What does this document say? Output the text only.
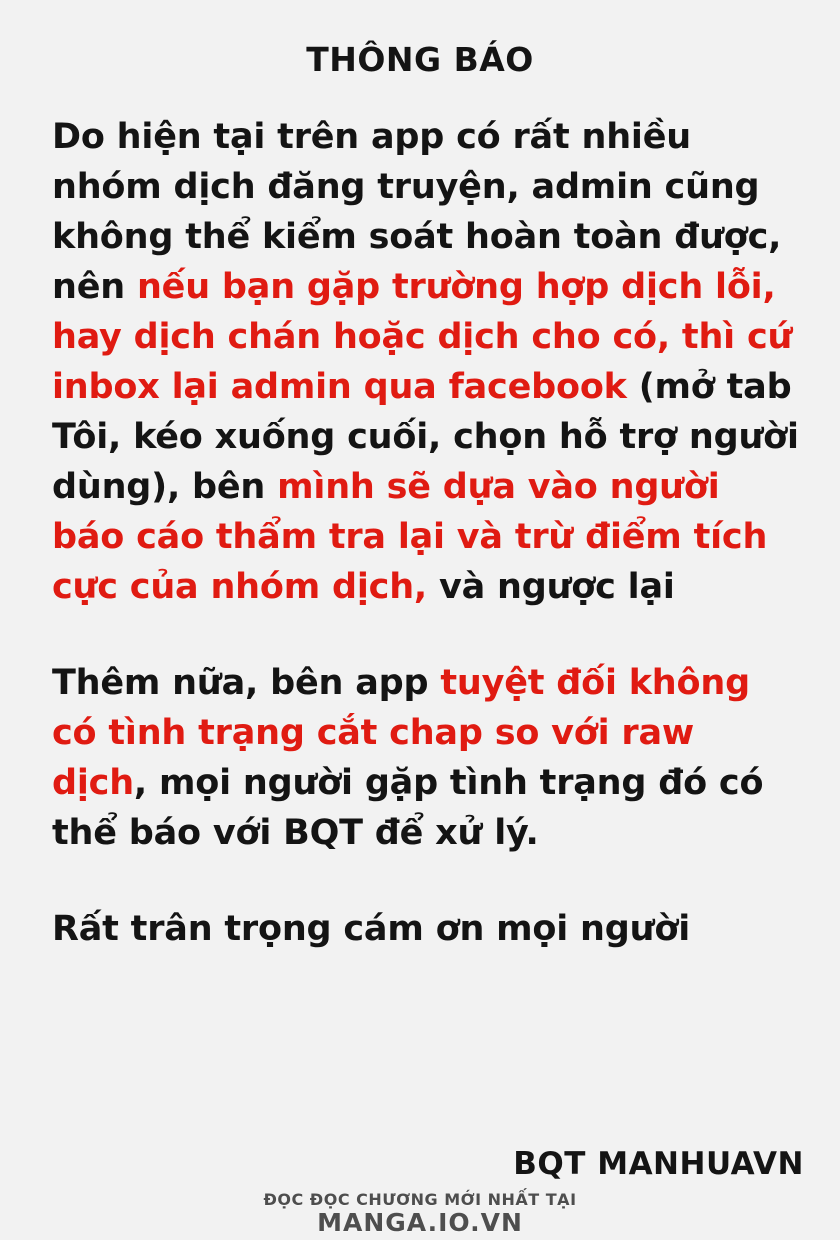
THÔNG BÁO

Do hiện tại trên app có rất nhiều nhóm dịch đăng truyện, admin cũng không thể kiểm soát hoàn toàn được, nên nếu bạn gặp trường hợp dịch lỗi, hay dịch chán hoặc dịch cho có, thì cứ inbox lại admin qua facebook (mở tab Tôi, kéo xuống cuối, chọn hỗ trợ người dùng), bên mình sẽ dựa vào người báo cáo thẩm tra lại và trừ điểm tích cực của nhóm dịch, và ngược lại

Thêm nữa, bên app tuyệt đối không có tình trạng cắt chap so với raw dịch, mọi người gặp tình trạng đó có thể báo với BQT để xử lý.

Rất trân trọng cám ơn mọi người

BQT MANHUAVN
ĐỌC ĐỌC CHƯƠNG MỚI NHẤT TẠI
MANGA.IO.VN
